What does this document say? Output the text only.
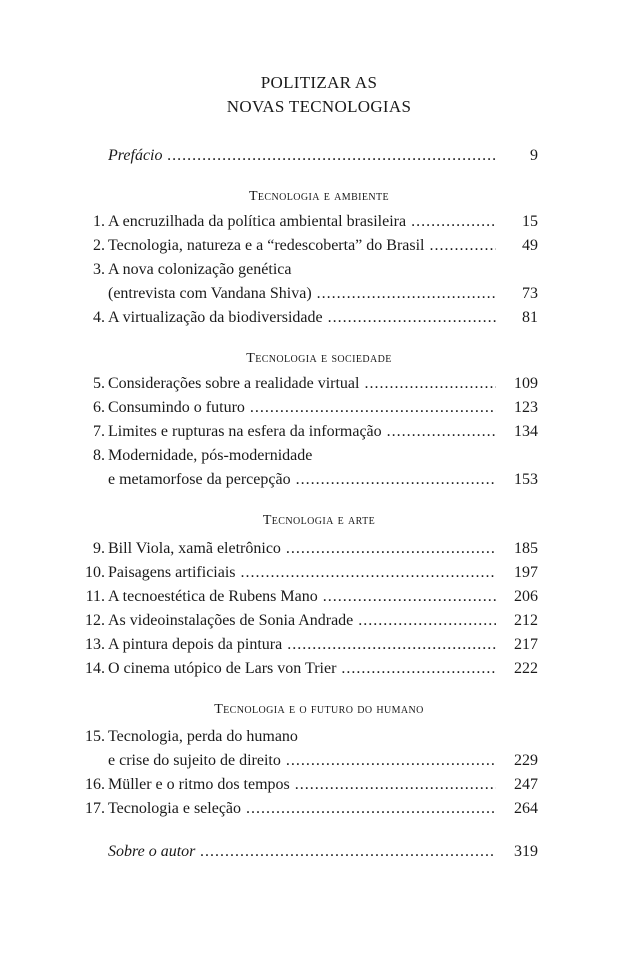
POLITIZAR AS
NOVAS TECNOLOGIAS
Prefácio .....	9
Tecnologia e ambiente
1. A encruzilhada da política ambiental brasileira .....	15
2. Tecnologia, natureza e a “redescoberta” do Brasil .....	49
3. A nova colonização genética
(entrevista com Vandana Shiva) .....	73
4. A virtualização da biodiversidade .....	81
Tecnologia e sociedade
5. Considerações sobre a realidade virtual .....	109
6. Consumindo o futuro .....	123
7. Limites e rupturas na esfera da informação .....	134
8. Modernidade, pós-modernidade
e metamorfose da percepção .....	153
Tecnologia e arte
9. Bill Viola, xamã eletrônico .....	185
10. Paisagens artificiais .....	197
11. A tecnoestética de Rubens Mano .....	206
12. As videoinstalações de Sonia Andrade .....	212
13. A pintura depois da pintura .....	217
14. O cinema utópico de Lars von Trier .....	222
Tecnologia e o futuro do humano
15. Tecnologia, perda do humano
e crise do sujeito de direito .....	229
16. Müller e o ritmo dos tempos .....	247
17. Tecnologia e seleção .....	264
Sobre o autor .....	319
